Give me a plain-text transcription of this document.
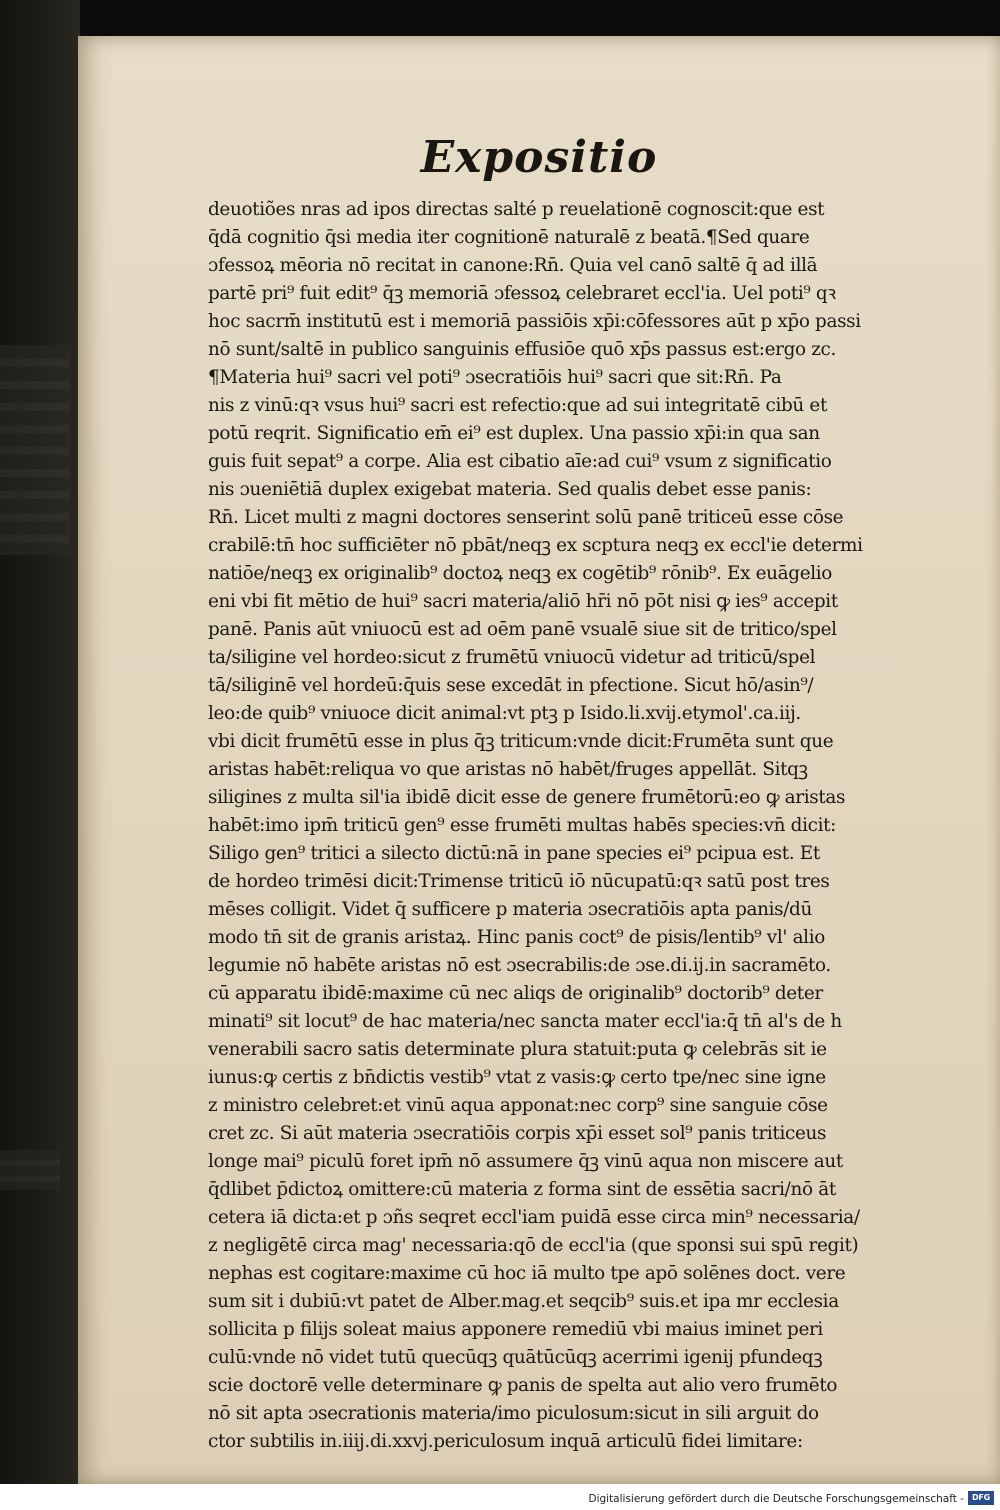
Expositio
deuotiões nras ad ipos directas salté p reuelationē cognoscit:que est
q̄dā cognitio q̄si media iter cognitionē naturalē z beatā.¶Sed quare
ɔfessoꝝ mēoria nō recitat in canone:Rn̄. Quia vel canō saltē q̄ ad illā
partē pri⁹ fuit edit⁹ q̄ꝫ memoriā ɔfessoꝝ celebraret eccl'ia. Uel poti⁹ qꝛ
hoc sacrm̄ institutū est i memoriā passiōis xp̄i:cōfessores aūt p xp̄o passi
nō sunt/saltē in publico sanguinis effusiōe quō xp̄s passus est:ergo zc.
¶Materia hui⁹ sacri vel poti⁹ ɔsecratiōis hui⁹ sacri que sit:Rn̄. Pa
nis z vinū:qꝛ vsus hui⁹ sacri est refectio:que ad sui integritatē cibū et
potū reqrit. Significatio em̄ ei⁹ est duplex. Una passio xp̄i:in qua san
guis fuit sepat⁹ a corpe. Alia est cibatio aīe:ad cui⁹ vsum z significatio
nis ɔueniētiā duplex exigebat materia. Sed qualis debet esse panis:
Rn̄. Licet multi z magni doctores senserint solū panē triticeū esse cōse
crabilē:tn̄ hoc sufficiēter nō pbāt/neqꝫ ex scptura neqꝫ ex eccl'ie determi
natiōe/neqꝫ ex originalib⁹ doctoꝝ neqꝫ ex cogētib⁹ rōnib⁹. Ex euāgelio
eni vbi fit mētio de hui⁹ sacri materia/aliō hr̄i nō pōt nisi ꝙ ies⁹ accepit
panē. Panis aūt vniuocū est ad oēm panē vsualē siue sit de tritico/spel
ta/siligine vel hordeo:sicut z frumētū vniuocū videtur ad triticū/spel
tā/siliginē vel hordeū:q̄uis sese excedāt in pfectione. Sicut hō/asin⁹/
leo:de quib⁹ vniuoce dicit animal:vt ptꝫ p Isido.li.xvij.etymol'.ca.iij.
vbi dicit frumētū esse in plus q̄ꝫ triticum:vnde dicit:Frumēta sunt que
aristas habēt:reliqua vo que aristas nō habēt/fruges appellāt. Sitqꝫ
siligines z multa sil'ia ibidē dicit esse de genere frumētorū:eo ꝙ aristas
habēt:imo ipm̄ triticū gen⁹ esse frumēti multas habēs species:vn̄ dicit:
Siligo gen⁹ tritici a silecto dictū:nā in pane species ei⁹ pcipua est. Et
de hordeo trimēsi dicit:Trimense triticū iō nūcupatū:qꝛ satū post tres
mēses colligit. Videt q̄ sufficere p materia ɔsecratiōis apta panis/dū
modo tn̄ sit de granis aristaꝝ. Hinc panis coct⁹ de pisis/lentib⁹ vl' alio
legumie nō habēte aristas nō est ɔsecrabilis:de ɔse.di.ij.in sacramēto.
cū apparatu ibidē:maxime cū nec aliqs de originalib⁹ doctorib⁹ deter
minati⁹ sit locut⁹ de hac materia/nec sancta mater eccl'ia:q̄ tn̄ al's de h
venerabili sacro satis determinate plura statuit:puta ꝙ celebrās sit ie
iunus:ꝙ certis z bn̄dictis vestib⁹ vtat z vasis:ꝙ certo tpe/nec sine igne
z ministro celebret:et vinū aqua apponat:nec corp⁹ sine sanguie cōse
cret zc. Si aūt materia ɔsecratiōis corpis xp̄i esset sol⁹ panis triticeus
longe mai⁹ piculū foret ipm̄ nō assumere q̄ꝫ vinū aqua non miscere aut
q̄dlibet p̄dictoꝝ omittere:cū materia z forma sint de essētia sacri/nō āt
cetera iā dicta:et p ɔñs seqret eccl'iam puidā esse circa min⁹ necessaria/
z negligētē circa mag' necessaria:qō de eccl'ia (que sponsi sui spū regit)
nephas est cogitare:maxime cū hoc iā multo tpe apō solēnes doct. vere
sum sit i dubiū:vt patet de Alber.mag.et seqcib⁹ suis.et ipa mr ecclesia
sollicita p filijs soleat maius apponere remediū vbi maius iminet peri
culū:vnde nō videt tutū quecūqꝫ quātūcūqꝫ acerrimi igenij pfundeqꝫ
scie doctorē velle determinare ꝙ panis de spelta aut alio vero frumēto
nō sit apta ɔsecrationis materia/imo piculosum:sicut in sili arguit do
ctor subtilis in.iiij.di.xxvj.periculosum inquā articulū fidei limitare:
Digitalisierung gefördert durch die Deutsche Forschungsgemeinschaft - DFG
